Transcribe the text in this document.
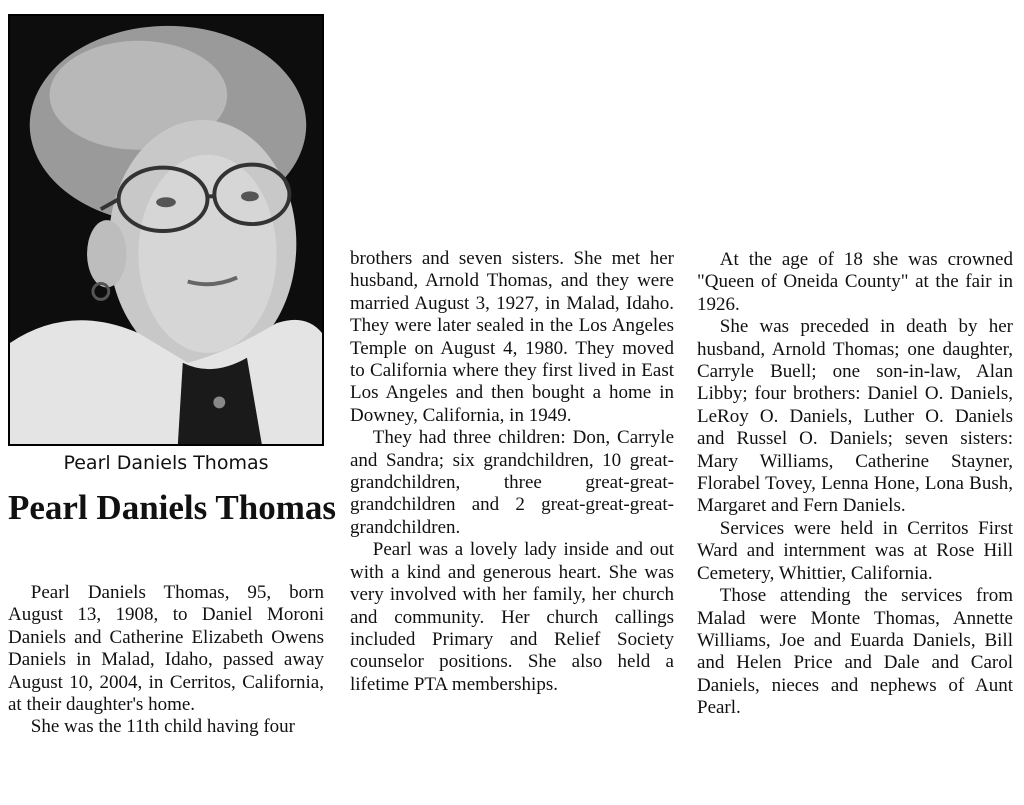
Pearl Daniels Thomas
Pearl Daniels Thomas

Pearl Daniels Thomas, 95, born August 13, 1908, to Daniel Moroni Daniels and Catherine Elizabeth Owens Daniels in Malad, Idaho, passed away August 10, 2004, in Cerritos, California, at their daughter's home.

She was the 11th child having four

brothers and seven sisters. She met her husband, Arnold Thomas, and they were married August 3, 1927, in Malad, Idaho. They were later sealed in the Los Angeles Temple on August 4, 1980. They moved to California where they first lived in East Los Angeles and then bought a home in Downey, California, in 1949.

They had three children: Don, Carryle and Sandra; six grandchildren, 10 great-grandchildren, three great-great-grandchildren and 2 great-great-great-grandchildren.

Pearl was a lovely lady inside and out with a kind and generous heart. She was very involved with her family, her church and community. Her church callings included Primary and Relief Society counselor positions. She also held a lifetime PTA memberships.

At the age of 18 she was crowned "Queen of Oneida County" at the fair in 1926.

She was preceded in death by her husband, Arnold Thomas; one daughter, Carryle Buell; one son-in-law, Alan Libby; four brothers: Daniel O. Daniels, LeRoy O. Daniels, Luther O. Daniels and Russel O. Daniels; seven sisters: Mary Williams, Catherine Stayner, Florabel Tovey, Lenna Hone, Lona Bush, Margaret and Fern Daniels.

Services were held in Cerritos First Ward and internment was at Rose Hill Cemetery, Whittier, California.

Those attending the services from Malad were Monte Thomas, Annette Williams, Joe and Euarda Daniels, Bill and Helen Price and Dale and Carol Daniels, nieces and nephews of Aunt Pearl.
